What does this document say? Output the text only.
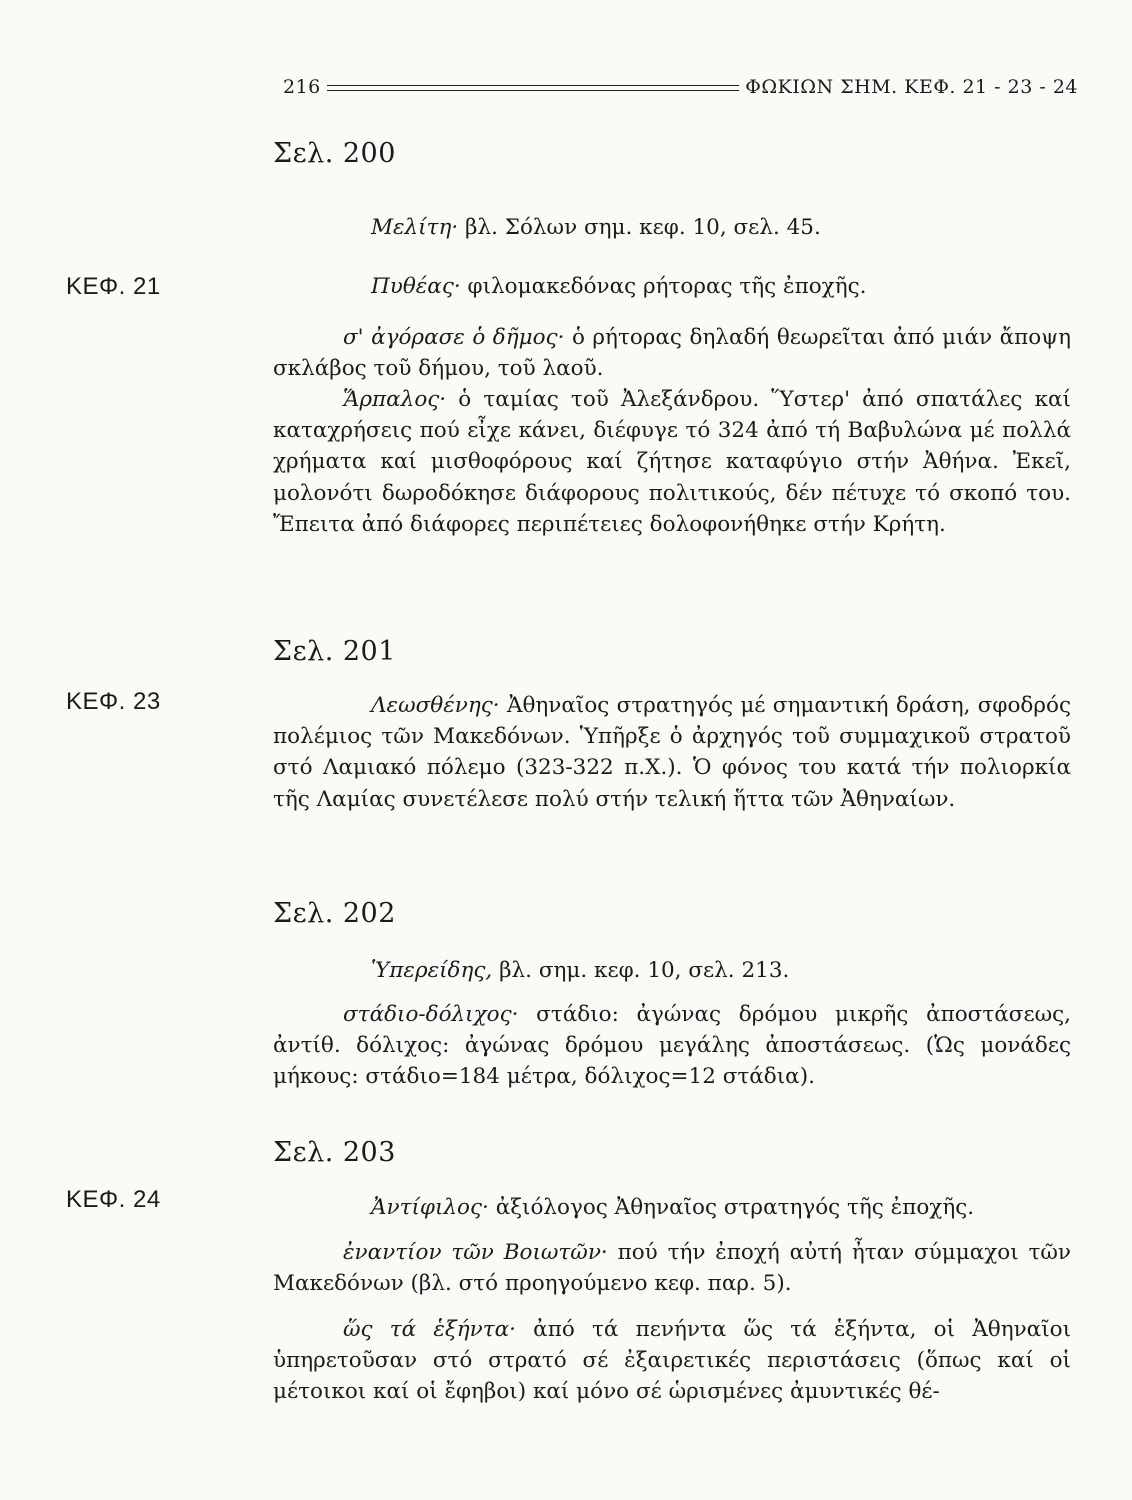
216	ΦΩΚΙΩΝ ΣΗΜ. ΚΕΦ. 21 - 23 - 24
ΚΕΦ. 21
ΚΕΦ. 23
ΚΕΦ. 24
Σελ. 200
Μελίτη· βλ. Σόλων σημ. κεφ. 10, σελ. 45.
Πυθέας· φιλομακεδόνας ρήτορας τῆς ἐποχῆς.
σ' ἀγόρασε ὁ δῆμος· ὁ ρήτορας δηλαδή θεωρεῖται ἀπό μιάν ἄποψη σκλάβος τοῦ δήμου, τοῦ λαοῦ.
Ἅρπαλος· ὁ ταμίας τοῦ Ἀλεξάνδρου. Ὕστερ' ἀπό σπατάλες καί καταχρήσεις πού εἶχε κάνει, διέφυγε τό 324 ἀπό τή Βαβυλώνα μέ πολλά χρήματα καί μισθοφόρους καί ζήτησε καταφύγιο στήν Ἀθήνα. Ἐκεῖ, μολονότι δωροδόκησε διάφορους πολιτικούς, δέν πέτυχε τό σκοπό του. Ἔπειτα ἀπό διάφορες περιπέτειες δολοφονήθηκε στήν Κρήτη.
Σελ. 201
Λεωσθένης· Ἀθηναῖος στρατηγός μέ σημαντική δράση, σφοδρός πολέμιος τῶν Μακεδόνων. Ὑπῆρξε ὁ ἀρχηγός τοῦ συμμαχικοῦ στρατοῦ στό Λαμιακό πόλεμο (323-322 π.Χ.). Ὁ φόνος του κατά τήν πολιορκία τῆς Λαμίας συνετέλεσε πολύ στήν τελική ἥττα τῶν Ἀθηναίων.
Σελ. 202
Ὑπερείδης, βλ. σημ. κεφ. 10, σελ. 213.
στάδιο-δόλιχος· στάδιο: ἀγώνας δρόμου μικρῆς ἀποστάσεως, ἀντίθ. δόλιχος: ἀγώνας δρόμου μεγάλης ἀποστάσεως. (Ὡς μονάδες μήκους: στάδιο=184 μέτρα, δόλιχος=12 στάδια).
Σελ. 203
Ἀντίφιλος· ἀξιόλογος Ἀθηναῖος στρατηγός τῆς ἐποχῆς.
ἐναντίον τῶν Βοιωτῶν· πού τήν ἐποχή αὐτή ἦταν σύμμαχοι τῶν Μακεδόνων (βλ. στό προηγούμενο κεφ. παρ. 5).
ὥς τά ἑξήντα· ἀπό τά πενήντα ὥς τά ἑξήντα, οἱ Ἀθηναῖοι ὑπηρετοῦσαν στό στρατό σέ ἐξαιρετικές περιστάσεις (ὅπως καί οἱ μέτοικοι καί οἱ ἔφηβοι) καί μόνο σέ ὡρισμένες ἀμυντικές θέ-
